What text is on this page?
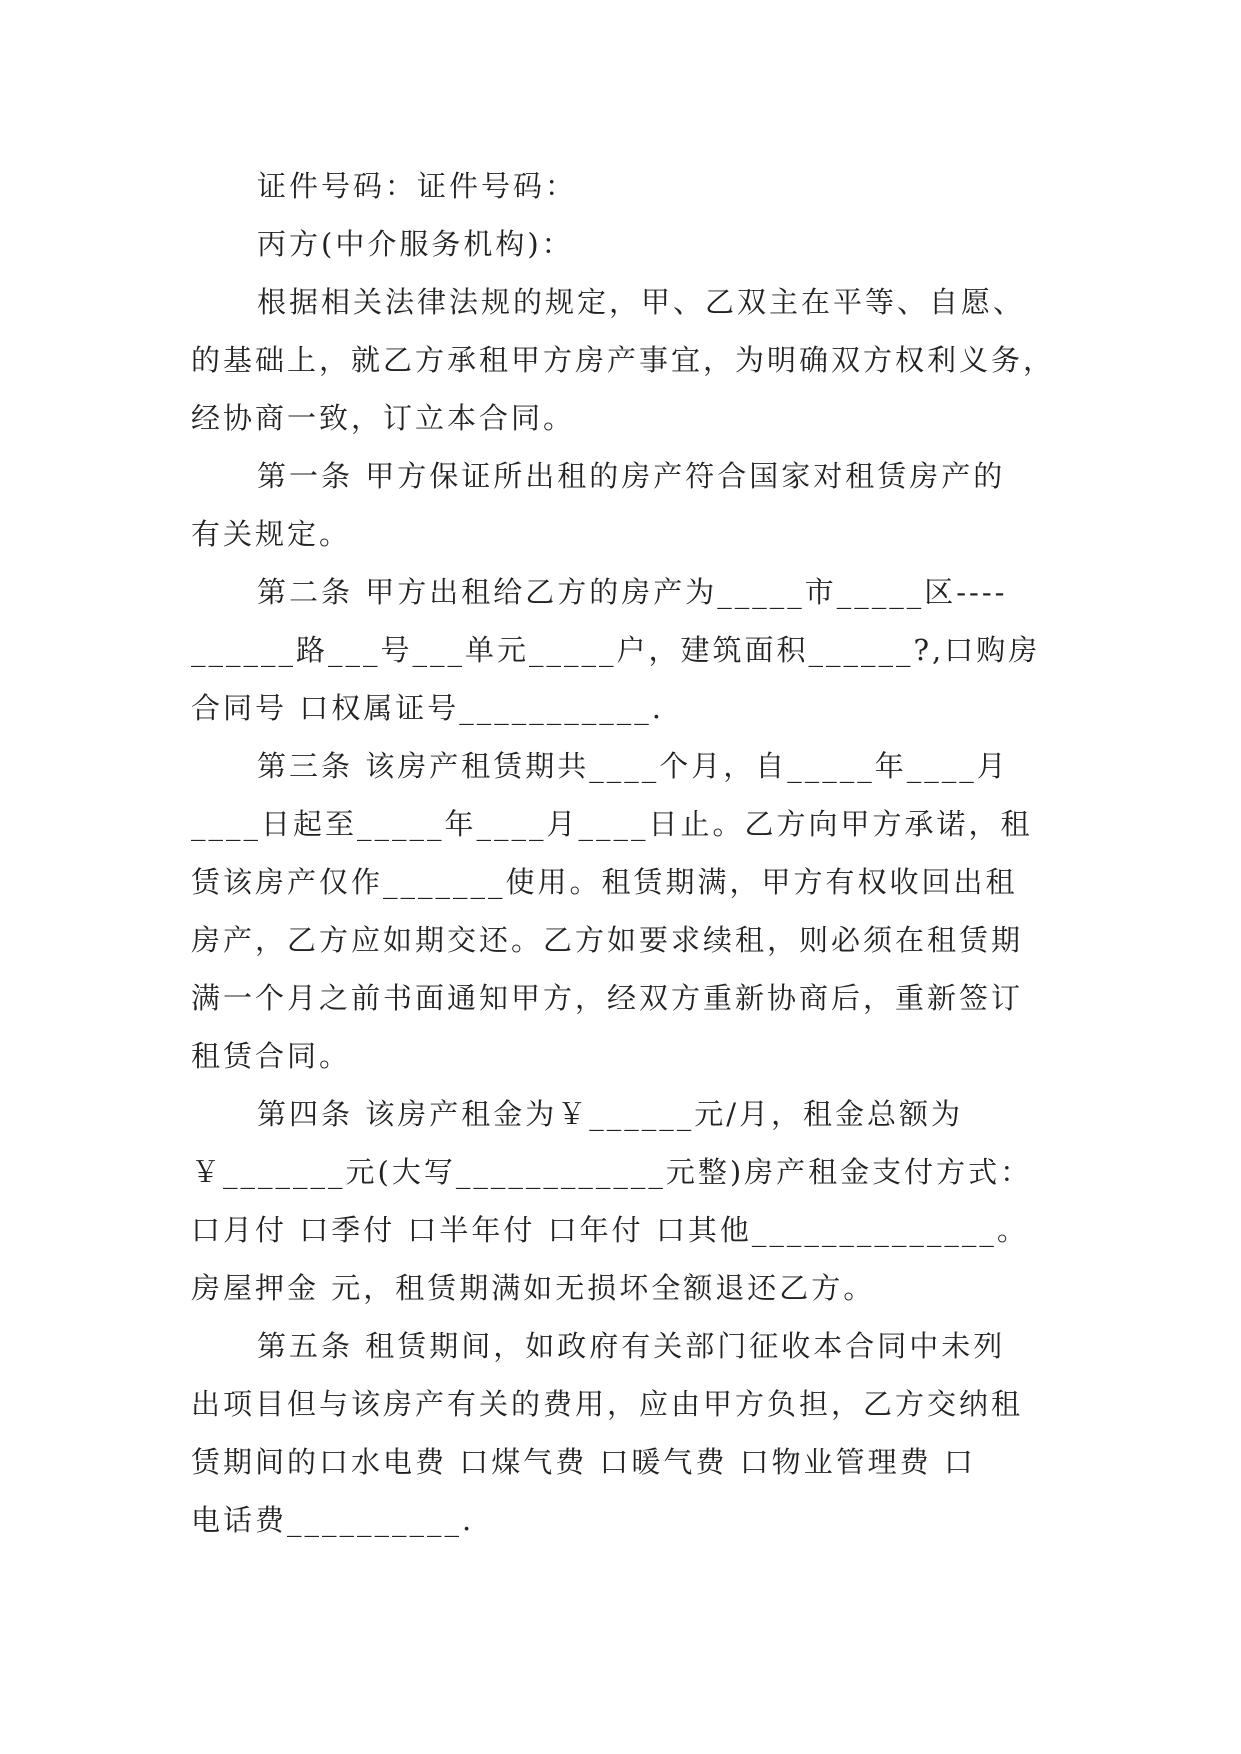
证件号码：证件号码：
丙方(中介服务机构)：
根据相关法律法规的规定，甲、乙双主在平等、自愿、
的基础上，就乙方承租甲方房产事宜，为明确双方权利义务，
经协商一致，订立本合同。
第一条 甲方保证所出租的房产符合国家对租赁房产的
有关规定。
第二条 甲方出租给乙方的房产为_____市_____区----
______路___号___单元_____户，建筑面积______?,口购房
合同号 口权属证号___________.
第三条 该房产租赁期共____个月，自_____年____月
____日起至_____年____月____日止。乙方向甲方承诺，租
赁该房产仅作_______使用。租赁期满，甲方有权收回出租
房产，乙方应如期交还。乙方如要求续租，则必须在租赁期
满一个月之前书面通知甲方，经双方重新协商后，重新签订
租赁合同。
第四条 该房产租金为￥______元/月，租金总额为
￥_______元(大写____________元整)房产租金支付方式：
口月付 口季付 口半年付 口年付 口其他______________。
房屋押金 元，租赁期满如无损坏全额退还乙方。
第五条 租赁期间，如政府有关部门征收本合同中未列
出项目但与该房产有关的费用，应由甲方负担，乙方交纳租
赁期间的口水电费 口煤气费 口暖气费 口物业管理费 口
电话费__________.
